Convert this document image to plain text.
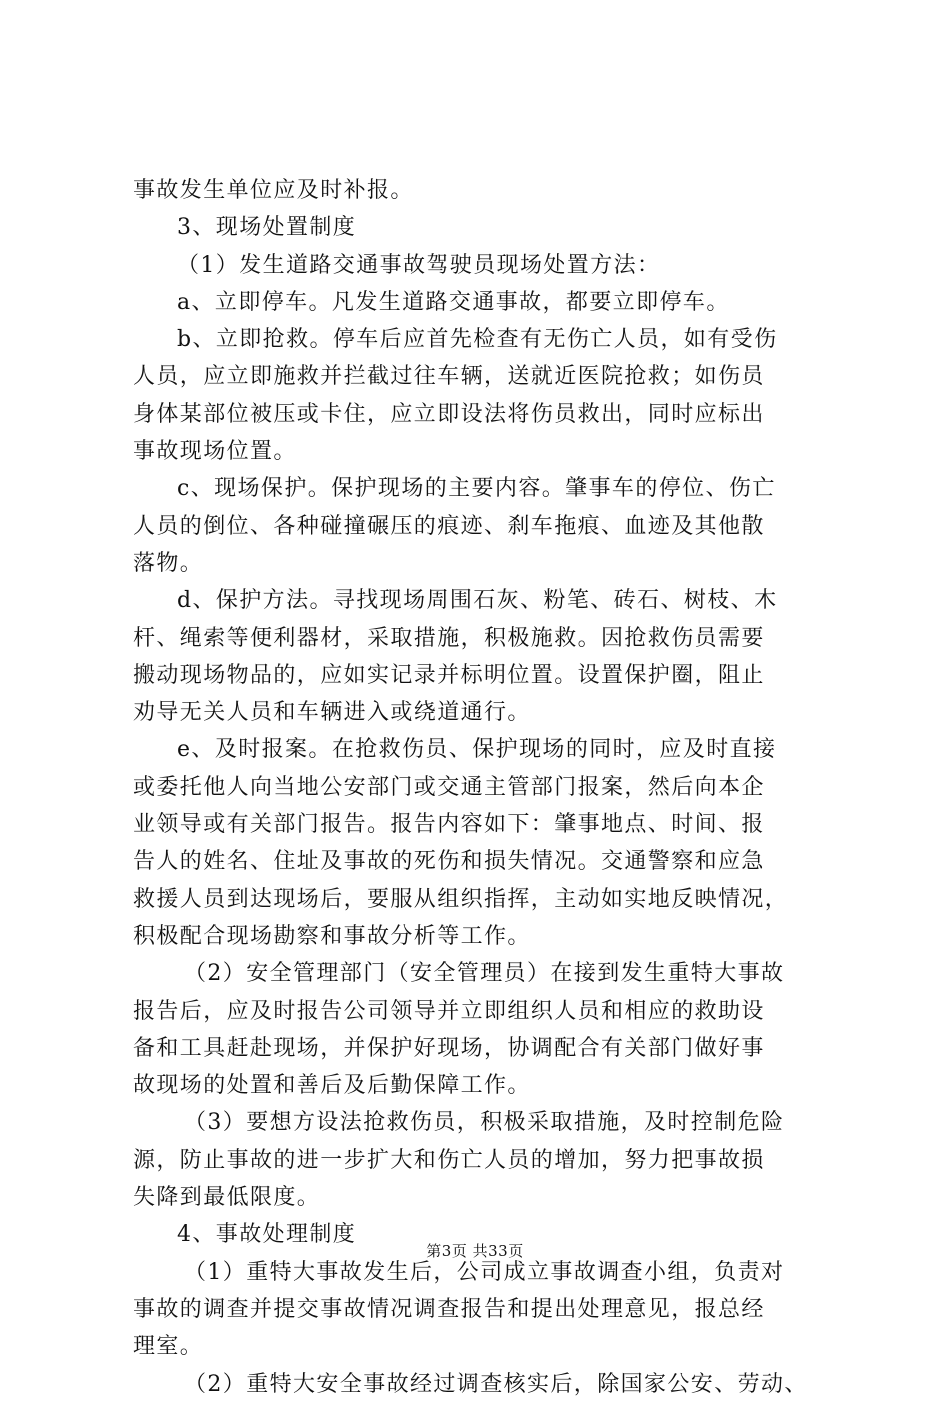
事故发生单位应及时补报。
3、现场处置制度
（1）发生道路交通事故驾驶员现场处置方法：
a、立即停车。凡发生道路交通事故，都要立即停车。
b、立即抢救。停车后应首先检查有无伤亡人员，如有受伤
人员，应立即施救并拦截过往车辆，送就近医院抢救；如伤员
身体某部位被压或卡住，应立即设法将伤员救出，同时应标出
事故现场位置。
c、现场保护。保护现场的主要内容。肇事车的停位、伤亡
人员的倒位、各种碰撞碾压的痕迹、刹车拖痕、血迹及其他散
落物。
d、保护方法。寻找现场周围石灰、粉笔、砖石、树枝、木
杆、绳索等便利器材，采取措施，积极施救。因抢救伤员需要
搬动现场物品的，应如实记录并标明位置。设置保护圈，阻止
劝导无关人员和车辆进入或绕道通行。
e、及时报案。在抢救伤员、保护现场的同时，应及时直接
或委托他人向当地公安部门或交通主管部门报案，然后向本企
业领导或有关部门报告。报告内容如下：肇事地点、时间、报
告人的姓名、住址及事故的死伤和损失情况。交通警察和应急
救援人员到达现场后，要服从组织指挥，主动如实地反映情况，
积极配合现场勘察和事故分析等工作。
（2）安全管理部门（安全管理员）在接到发生重特大事故
报告后，应及时报告公司领导并立即组织人员和相应的救助设
备和工具赶赴现场，并保护好现场，协调配合有关部门做好事
故现场的处置和善后及后勤保障工作。
（3）要想方设法抢救伤员，积极采取措施，及时控制危险
源，防止事故的进一步扩大和伤亡人员的增加，努力把事故损
失降到最低限度。
4、事故处理制度
（1）重特大事故发生后，公司成立事故调查小组，负责对
事故的调查并提交事故情况调查报告和提出处理意见，报总经
理室。
（2）重特大安全事故经过调查核实后，除国家公安、劳动、
第3页 共33页
